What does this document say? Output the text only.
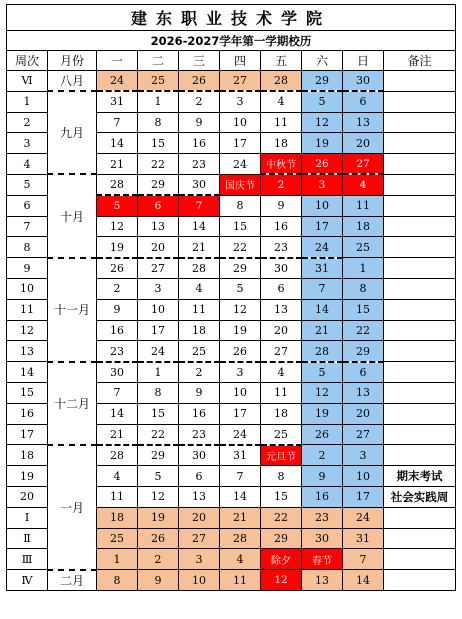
建东职业技术学院									
2026-2027学年第一学期校历									
周次	月份	一	二	三	四	五	六	日	备注
Ⅵ	八月	24	25	26	27	28	29	30	
1	九月	31	1	2	3	4	5	6	
2		7	8	9	10	11	12	13	
3		14	15	16	17	18	19	20	
4		21	22	23	24	中秋节	26	27	
5	十月	28	29	30	国庆节	2	3	4	
6		5	6	7	8	9	10	11	
7		12	13	14	15	16	17	18	
8		19	20	21	22	23	24	25	
9	十一月	26	27	28	29	30	31	1	
10		2	3	4	5	6	7	8	
11		9	10	11	12	13	14	15	
12		16	17	18	19	20	21	22	
13		23	24	25	26	27	28	29	
14	十二月	30	1	2	3	4	5	6	
15		7	8	9	10	11	12	13	
16		14	15	16	17	18	19	20	
17		21	22	23	24	25	26	27	
18	一月	28	29	30	31	元旦节	2	3	
19		4	5	6	7	8	9	10	期末考试
20		11	12	13	14	15	16	17	社会实践周
Ⅰ		18	19	20	21	22	23	24	
Ⅱ		25	26	27	28	29	30	31	
Ⅲ		1	2	3	4	除夕	春节	7	
Ⅳ	二月	8	9	10	11	12	13	14	
